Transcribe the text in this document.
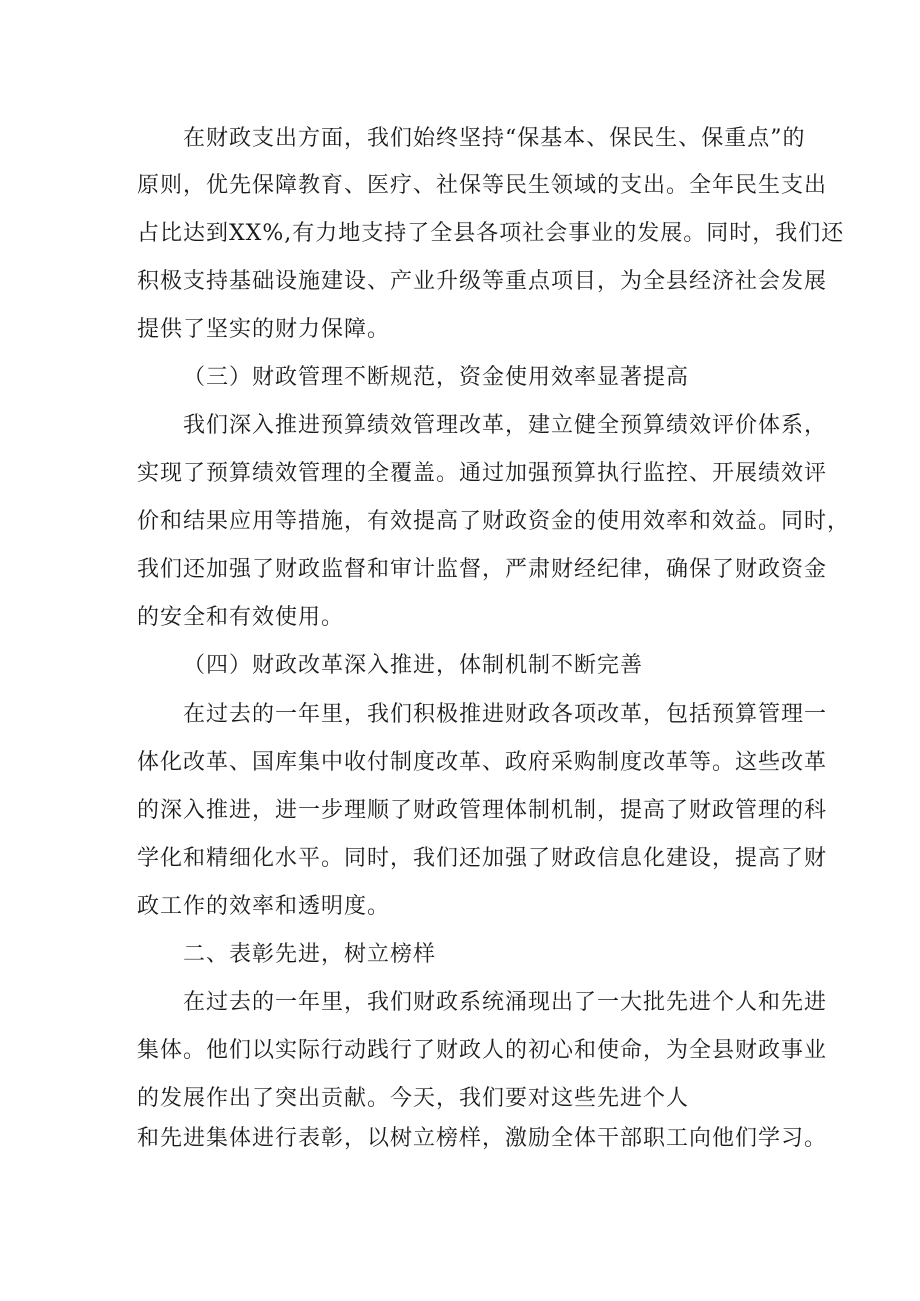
在财政支出方面，我们始终坚持“保基本、保民生、保重点”的

原则，优先保障教育、医疗、社保等民生领域的支出。全年民生支出

占比达到XX%,有力地支持了全县各项社会事业的发展。同时，我们还

积极支持基础设施建设、产业升级等重点项目，为全县经济社会发展

提供了坚实的财力保障。

（三）财政管理不断规范，资金使用效率显著提高

我们深入推进预算绩效管理改革，建立健全预算绩效评价体系，

实现了预算绩效管理的全覆盖。通过加强预算执行监控、开展绩效评

价和结果应用等措施，有效提高了财政资金的使用效率和效益。同时，

我们还加强了财政监督和审计监督，严肃财经纪律，确保了财政资金

的安全和有效使用。

（四）财政改革深入推进，体制机制不断完善

在过去的一年里，我们积极推进财政各项改革，包括预算管理一

体化改革、国库集中收付制度改革、政府采购制度改革等。这些改革

的深入推进，进一步理顺了财政管理体制机制，提高了财政管理的科

学化和精细化水平。同时，我们还加强了财政信息化建设，提高了财

政工作的效率和透明度。

二、表彰先进，树立榜样

在过去的一年里，我们财政系统涌现出了一大批先进个人和先进

集体。他们以实际行动践行了财政人的初心和使命，为全县财政事业

的发展作出了突出贡献。今天，我们要对这些先进个人

和先进集体进行表彰，以树立榜样，激励全体干部职工向他们学习。
